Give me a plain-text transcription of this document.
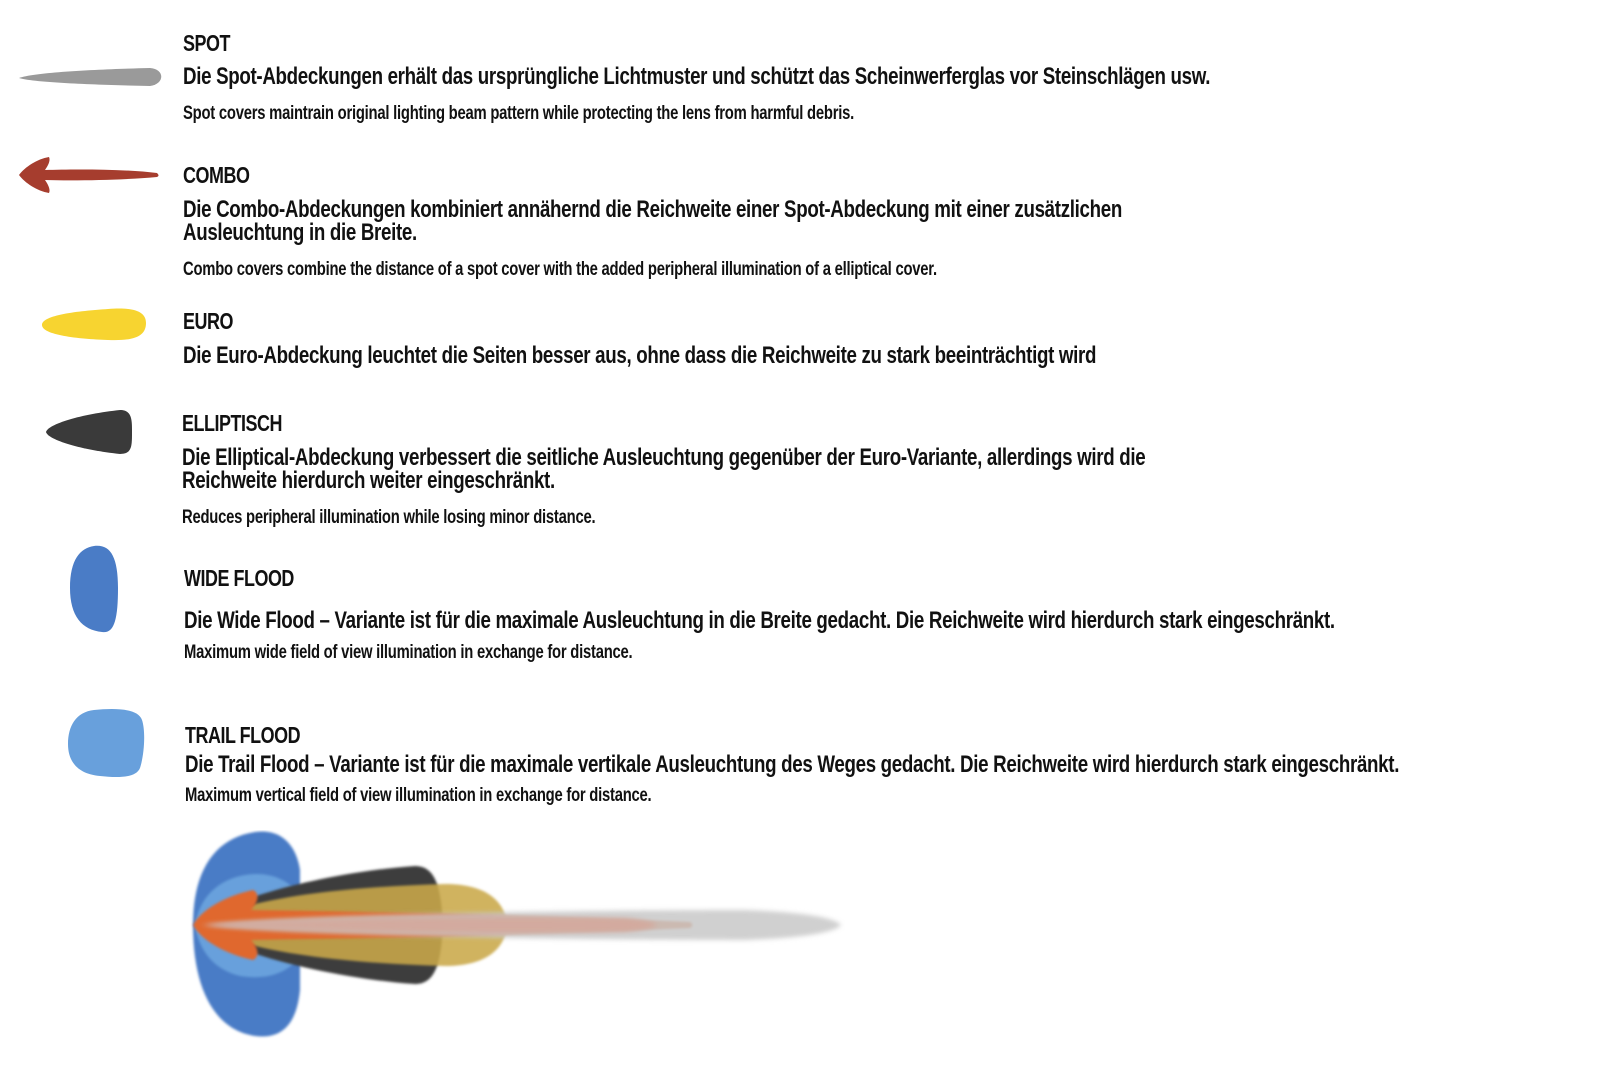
SPOT
Die Spot-Abdeckungen erhält das ursprüngliche Lichtmuster und schützt das Scheinwerferglas vor Steinschlägen usw.
Spot covers maintrain original lighting beam pattern while protecting the lens from harmful debris.
COMBO
Die Combo-Abdeckungen kombiniert annähernd die Reichweite einer Spot-Abdeckung mit einer zusätzlichen
Ausleuchtung in die Breite.
Combo covers combine the distance of a spot cover with the added peripheral illumination of a elliptical cover.
EURO
Die Euro-Abdeckung leuchtet die Seiten besser aus, ohne dass die Reichweite zu stark beeinträchtigt wird
ELLIPTISCH
Die Elliptical-Abdeckung verbessert die seitliche Ausleuchtung gegenüber der Euro-Variante, allerdings wird die
Reichweite hierdurch weiter eingeschränkt.
Reduces peripheral illumination while losing minor distance.
WIDE FLOOD
Die Wide Flood – Variante ist für die maximale Ausleuchtung in die Breite gedacht. Die Reichweite wird hierdurch stark eingeschränkt.
Maximum wide field of view illumination in exchange for distance.
TRAIL FLOOD
Die Trail Flood – Variante ist für die maximale vertikale Ausleuchtung des Weges gedacht. Die Reichweite wird hierdurch stark eingeschränkt.
Maximum vertical field of view illumination in exchange for distance.
